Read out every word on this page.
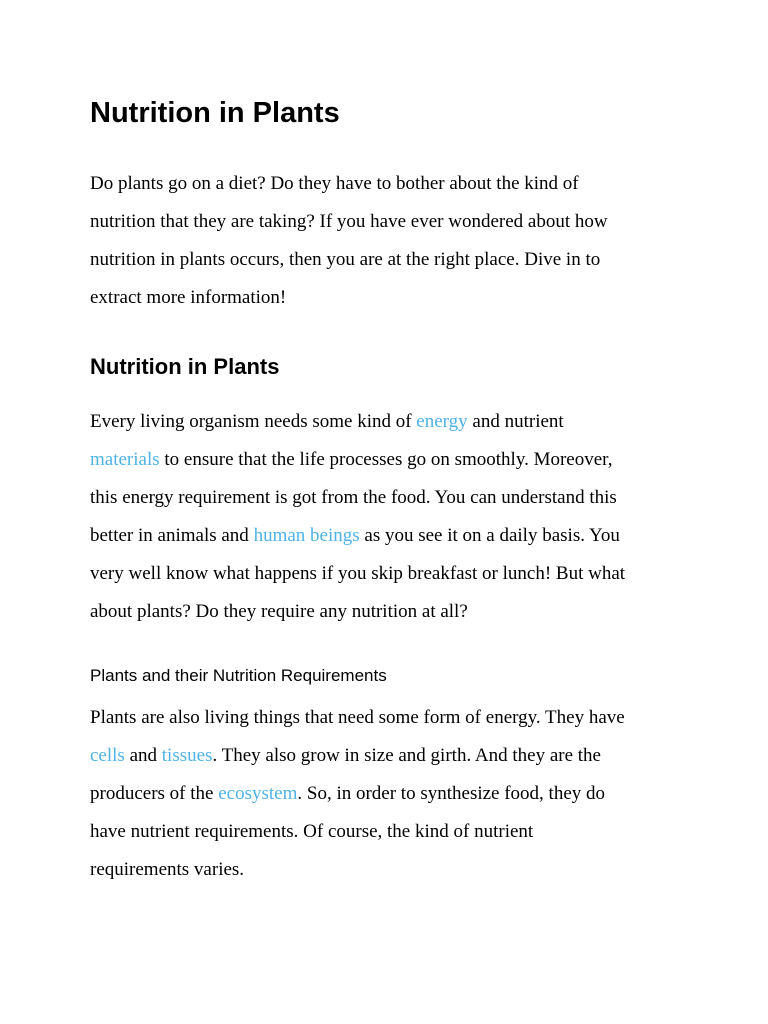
Nutrition in Plants

Do plants go on a diet? Do they have to bother about the kind of
nutrition that they are taking? If you have ever wondered about how
nutrition in plants occurs, then you are at the right place. Dive in to
extract more information!

Nutrition in Plants

Every living organism needs some kind of energy and nutrient
materials to ensure that the life processes go on smoothly. Moreover,
this energy requirement is got from the food. You can understand this
better in animals and human beings as you see it on a daily basis. You
very well know what happens if you skip breakfast or lunch! But what
about plants? Do they require any nutrition at all?

Plants and their Nutrition Requirements

Plants are also living things that need some form of energy. They have
cells and tissues. They also grow in size and girth. And they are the
producers of the ecosystem. So, in order to synthesize food, they do
have nutrient requirements. Of course, the kind of nutrient
requirements varies.
